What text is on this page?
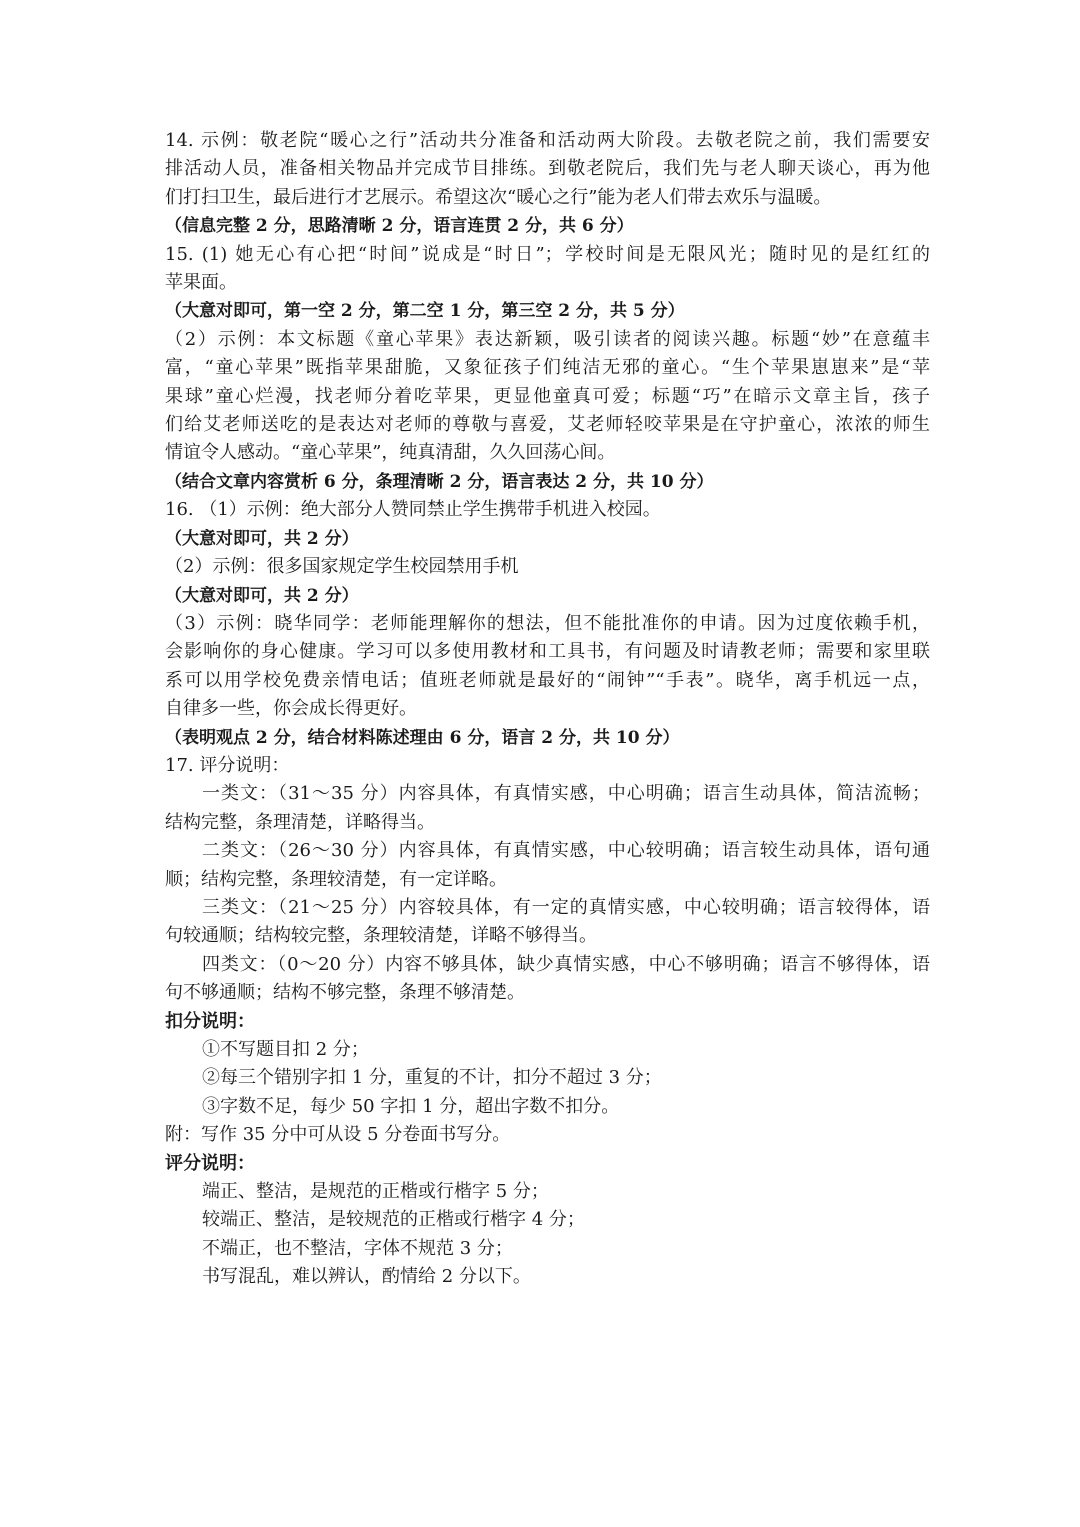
14. 示例：敬老院“暖心之行”活动共分准备和活动两大阶段。去敬老院之前，我们需要安
排活动人员，准备相关物品并完成节目排练。到敬老院后，我们先与老人聊天谈心，再为他
们打扫卫生，最后进行才艺展示。希望这次“暖心之行”能为老人们带去欢乐与温暖。
（信息完整 2 分，思路清晰 2 分，语言连贯 2 分，共 6 分）
15. (1) 她无心有心把“时间”说成是“时日”；学校时间是无限风光；随时见的是红红的
苹果面。
（大意对即可，第一空 2 分，第二空 1 分，第三空 2 分，共 5 分）
（2）示例：本文标题《童心苹果》表达新颖，吸引读者的阅读兴趣。标题“妙”在意蕴丰
富，“童心苹果”既指苹果甜脆，又象征孩子们纯洁无邪的童心。“生个苹果崽崽来”是“苹
果球”童心烂漫，找老师分着吃苹果，更显他童真可爱；标题“巧”在暗示文章主旨，孩子
们给艾老师送吃的是表达对老师的尊敬与喜爱，艾老师轻咬苹果是在守护童心，浓浓的师生
情谊令人感动。“童心苹果”，纯真清甜，久久回荡心间。
（结合文章内容赏析 6 分，条理清晰 2 分，语言表达 2 分，共 10 分）
16. （1）示例：绝大部分人赞同禁止学生携带手机进入校园。
（大意对即可，共 2 分）
（2）示例：很多国家规定学生校园禁用手机
（大意对即可，共 2 分）
（3）示例：晓华同学：老师能理解你的想法，但不能批准你的申请。因为过度依赖手机，
会影响你的身心健康。学习可以多使用教材和工具书，有问题及时请教老师；需要和家里联
系可以用学校免费亲情电话；值班老师就是最好的“闹钟”“手表”。晓华，离手机远一点，
自律多一些，你会成长得更好。
（表明观点 2 分，结合材料陈述理由 6 分，语言 2 分，共 10 分）
17. 评分说明：
一类文：（31～35 分）内容具体，有真情实感，中心明确；语言生动具体，简洁流畅；
结构完整，条理清楚，详略得当。
二类文：（26～30 分）内容具体，有真情实感，中心较明确；语言较生动具体，语句通
顺；结构完整，条理较清楚，有一定详略。
三类文：（21～25 分）内容较具体，有一定的真情实感，中心较明确；语言较得体，语
句较通顺；结构较完整，条理较清楚，详略不够得当。
四类文：（0～20 分）内容不够具体，缺少真情实感，中心不够明确；语言不够得体，语
句不够通顺；结构不够完整，条理不够清楚。
扣分说明：
①不写题目扣 2 分；
②每三个错别字扣 1 分，重复的不计，扣分不超过 3 分；
③字数不足，每少 50 字扣 1 分，超出字数不扣分。
附：写作 35 分中可从设 5 分卷面书写分。
评分说明：
端正、整洁，是规范的正楷或行楷字 5 分；
较端正、整洁，是较规范的正楷或行楷字 4 分；
不端正，也不整洁，字体不规范 3 分；
书写混乱，难以辨认，酌情给 2 分以下。
